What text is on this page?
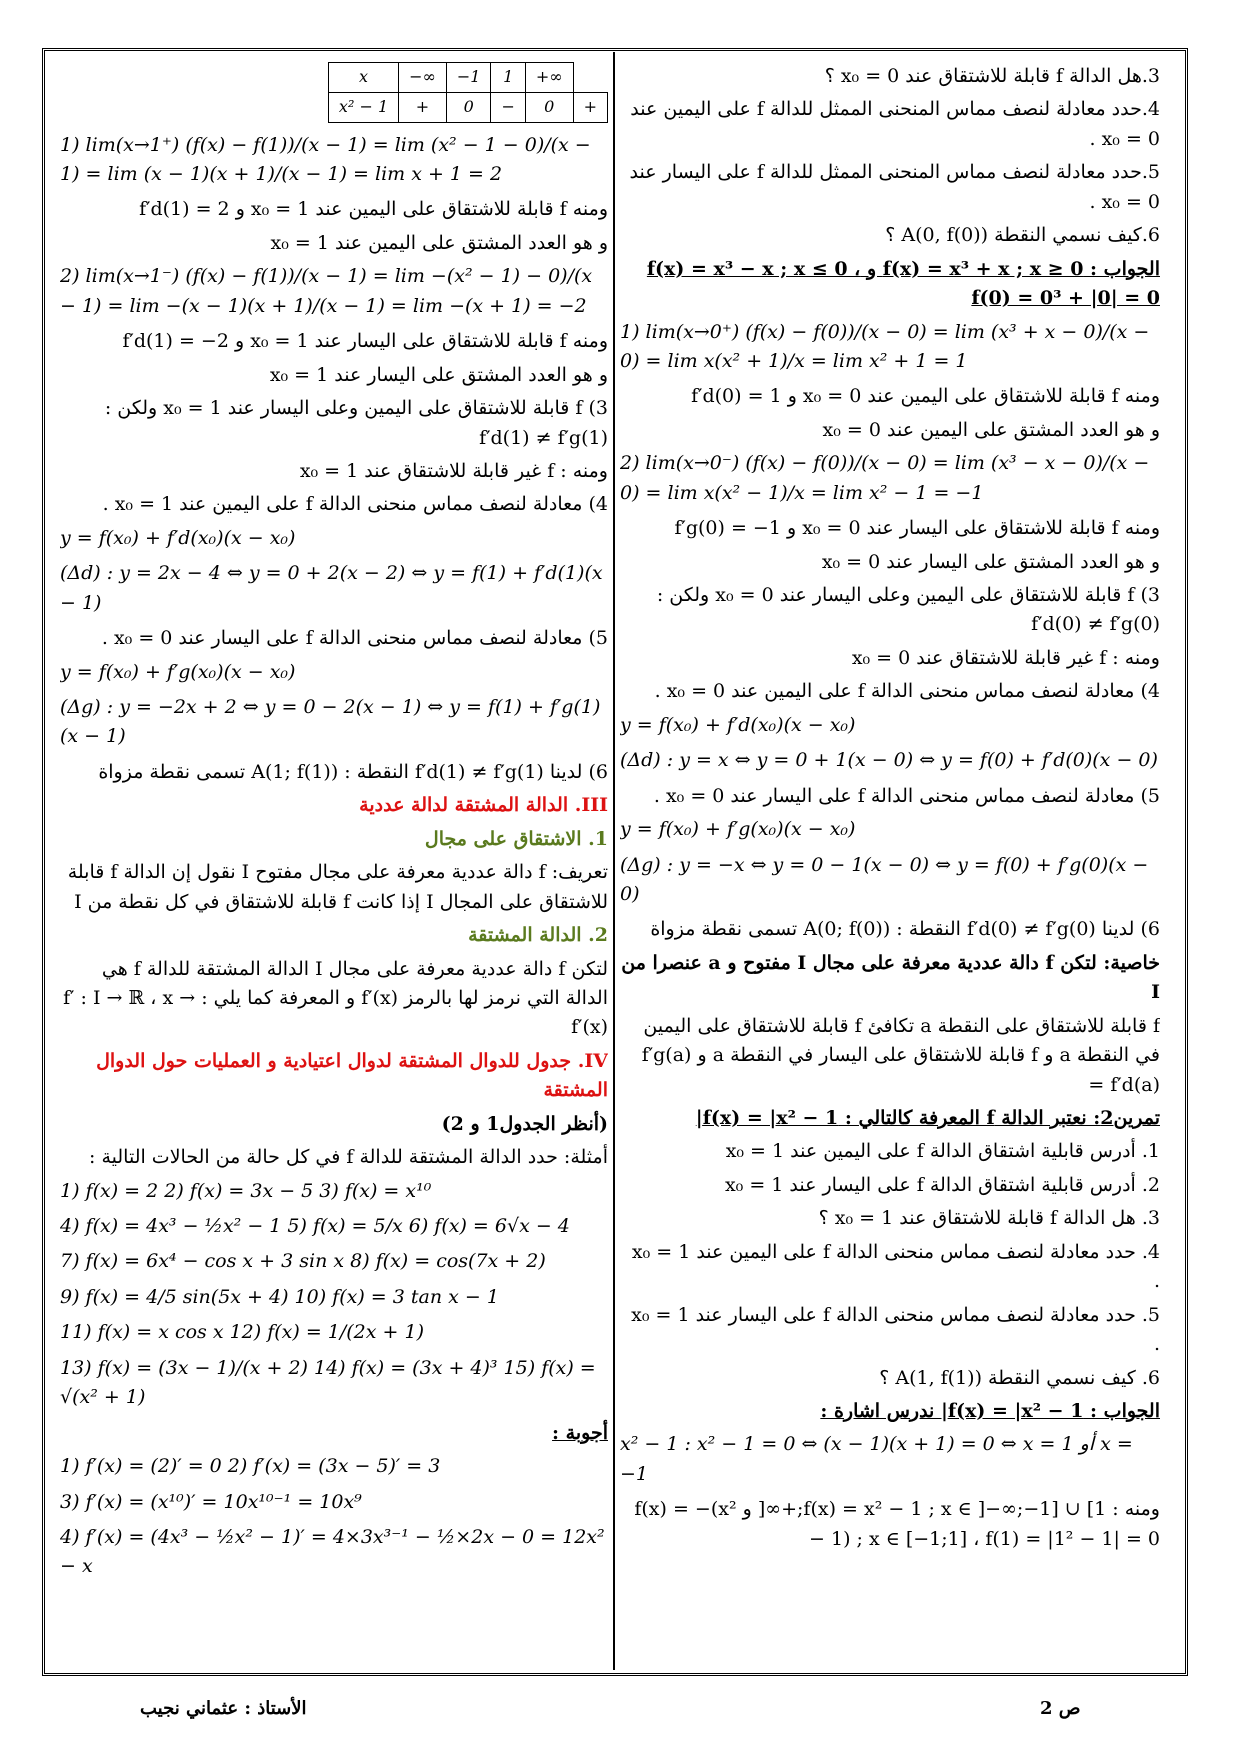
3.هل الدالة f قابلة للاشتقاق عند x₀ = 0 ؟
4.حدد معادلة لنصف مماس المنحنى الممثل للدالة f على اليمين عند x₀ = 0 .
5.حدد معادلة لنصف مماس المنحنى الممثل للدالة f على اليسار عند x₀ = 0 .
6.كيف نسمي النقطة A(0, f(0)) ؟
الجواب : f(x) = x³ + x ; x ≥ 0 و f(x) = x³ − x ; x ≤ 0 ، f(0) = 0³ + |0| = 0
1) lim(x→0⁺) (f(x) − f(0))/(x − 0) = lim (x³ + x − 0)/(x − 0) = lim x(x² + 1)/x = lim x² + 1 = 1
ومنه f قابلة للاشتقاق على اليمين عند x₀ = 0 و f′d(0) = 1
و هو العدد المشتق على اليمين عند x₀ = 0
2) lim(x→0⁻) (f(x) − f(0))/(x − 0) = lim (x³ − x − 0)/(x − 0) = lim x(x² − 1)/x = lim x² − 1 = −1
ومنه f قابلة للاشتقاق على اليسار عند x₀ = 0 و f′g(0) = −1
و هو العدد المشتق على اليسار عند x₀ = 0
3) f قابلة للاشتقاق على اليمين وعلى اليسار عند x₀ = 0 ولكن : f′d(0) ≠ f′g(0)
ومنه : f غير قابلة للاشتقاق عند x₀ = 0
4) معادلة لنصف مماس منحنى الدالة f على اليمين عند x₀ = 0 .
y = f(x₀) + f′d(x₀)(x − x₀)
(Δd) : y = x ⇔ y = 0 + 1(x − 0) ⇔ y = f(0) + f′d(0)(x − 0)
5) معادلة لنصف مماس منحنى الدالة f على اليسار عند x₀ = 0 .
y = f(x₀) + f′g(x₀)(x − x₀)
(Δg) : y = −x ⇔ y = 0 − 1(x − 0) ⇔ y = f(0) + f′g(0)(x − 0)
6) لدينا f′d(0) ≠ f′g(0) النقطة : A(0; f(0)) تسمى نقطة مزواة
خاصية: لتكن f دالة عددية معرفة على مجال I مفتوح و a عنصرا من I
f قابلة للاشتقاق على النقطة a تكافئ f قابلة للاشتقاق على اليمين في النقطة a و f قابلة للاشتقاق على اليسار في النقطة a و f′g(a) = f′d(a)
تمرين2: نعتبر الدالة f المعرفة كالتالي : f(x) = |x² − 1|
1. أدرس قابلية اشتقاق الدالة f على اليمين عند x₀ = 1
2. أدرس قابلية اشتقاق الدالة f على اليسار عند x₀ = 1
3. هل الدالة f قابلة للاشتقاق عند x₀ = 1 ؟
4. حدد معادلة لنصف مماس منحنى الدالة f على اليمين عند x₀ = 1 .
5. حدد معادلة لنصف مماس منحنى الدالة f على اليسار عند x₀ = 1 .
6. كيف نسمي النقطة A(1, f(1)) ؟
الجواب : f(x) = |x² − 1| ندرس اشارة :
x² − 1 : x² − 1 = 0 ⇔ (x − 1)(x + 1) = 0 ⇔ x = 1 أو x = −1
ومنه : f(x) = x² − 1 ; x ∈ ]−∞;−1] ∪ [1;+∞[ و f(x) = −(x² − 1) ; x ∈ [−1;1] ، f(1) = |1² − 1| = 0
x	−∞	−1	1	+∞	
x² − 1	+	0	−	0	+
1) lim(x→1⁺) (f(x) − f(1))/(x − 1) = lim (x² − 1 − 0)/(x − 1) = lim (x − 1)(x + 1)/(x − 1) = lim x + 1 = 2
ومنه f قابلة للاشتقاق على اليمين عند x₀ = 1 و f′d(1) = 2
و هو العدد المشتق على اليمين عند x₀ = 1
2) lim(x→1⁻) (f(x) − f(1))/(x − 1) = lim −(x² − 1) − 0)/(x − 1) = lim −(x − 1)(x + 1)/(x − 1) = lim −(x + 1) = −2
ومنه f قابلة للاشتقاق على اليسار عند x₀ = 1 و f′d(1) = −2
و هو العدد المشتق على اليسار عند x₀ = 1
3) f قابلة للاشتقاق على اليمين وعلى اليسار عند x₀ = 1 ولكن : f′d(1) ≠ f′g(1)
ومنه : f غير قابلة للاشتقاق عند x₀ = 1
4) معادلة لنصف مماس منحنى الدالة f على اليمين عند x₀ = 1 .
y = f(x₀) + f′d(x₀)(x − x₀)
(Δd) : y = 2x − 4 ⇔ y = 0 + 2(x − 2) ⇔ y = f(1) + f′d(1)(x − 1)
5) معادلة لنصف مماس منحنى الدالة f على اليسار عند x₀ = 0 .
y = f(x₀) + f′g(x₀)(x − x₀)
(Δg) : y = −2x + 2 ⇔ y = 0 − 2(x − 1) ⇔ y = f(1) + f′g(1)(x − 1)
6) لدينا f′d(1) ≠ f′g(1) النقطة : A(1; f(1)) تسمى نقطة مزواة
III. الدالة المشتقة لدالة عددية
1. الاشتقاق على مجال
تعريف: f دالة عددية معرفة على مجال مفتوح I نقول إن الدالة f قابلة للاشتقاق على المجال I إذا كانت f قابلة للاشتقاق في كل نقطة من I
2. الدالة المشتقة
لتكن f دالة عددية معرفة على مجال I الدالة المشتقة للدالة f هي الدالة التي نرمز لها بالرمز f′(x) و المعرفة كما يلي : f′ : I → ℝ ، x → f′(x)
IV. جدول للدوال المشتقة لدوال اعتيادية و العمليات حول الدوال المشتقة
(أنظر الجدول1 و 2)
أمثلة: حدد الدالة المشتقة للدالة f في كل حالة من الحالات التالية :
1) f(x) = 2 2) f(x) = 3x − 5 3) f(x) = x¹⁰
4) f(x) = 4x³ − ½x² − 1 5) f(x) = 5/x 6) f(x) = 6√x − 4
7) f(x) = 6x⁴ − cos x + 3 sin x 8) f(x) = cos(7x + 2)
9) f(x) = 4/5 sin(5x + 4) 10) f(x) = 3 tan x − 1
11) f(x) = x cos x 12) f(x) = 1/(2x + 1)
13) f(x) = (3x − 1)/(x + 2) 14) f(x) = (3x + 4)³ 15) f(x) = √(x² + 1)
أجوبة :
1) f′(x) = (2)′ = 0 2) f′(x) = (3x − 5)′ = 3
3) f′(x) = (x¹⁰)′ = 10x¹⁰⁻¹ = 10x⁹
4) f′(x) = (4x³ − ½x² − 1)′ = 4×3x³⁻¹ − ½×2x − 0 = 12x² − x
ص 2
الأستاذ : عثماني نجيب
